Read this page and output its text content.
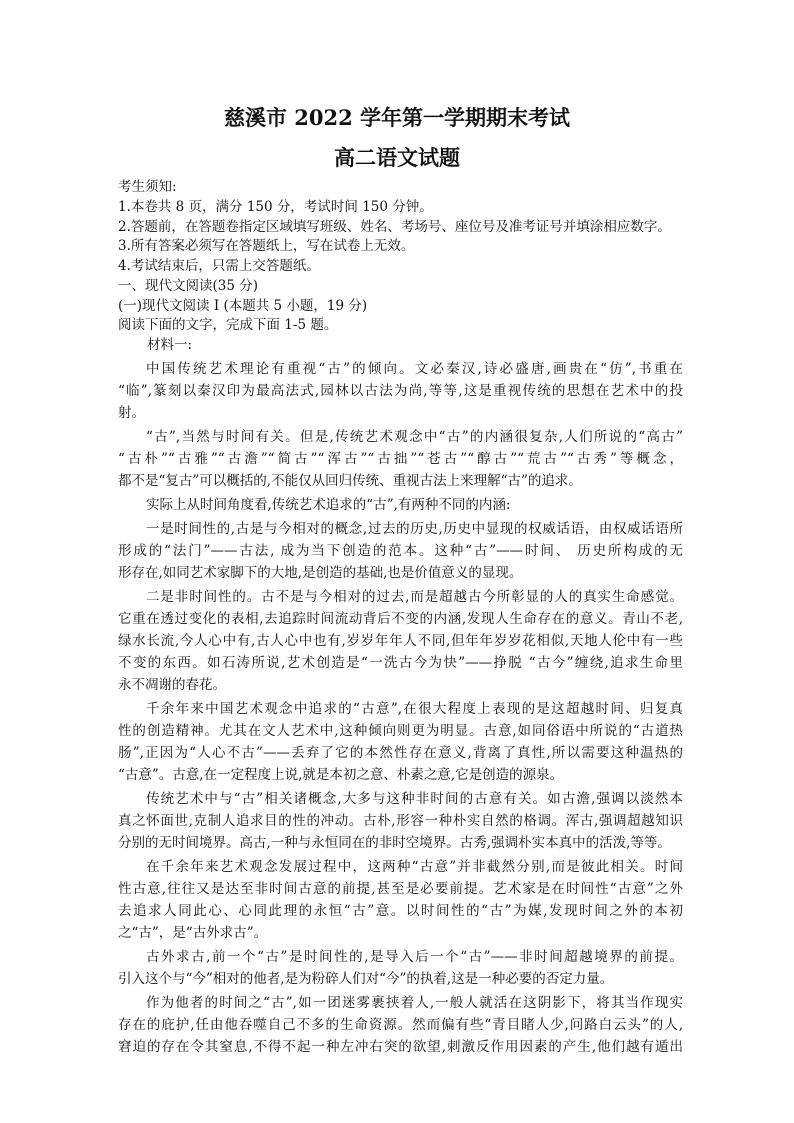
慈溪市 2022 学年第一学期期末考试
高二语文试题
考生须知:
1.本卷共 8 页，满分 150 分，考试时间 150 分钟。
2.答题前，在答题卷指定区域填写班级、姓名、考场号、座位号及准考证号并填涂相应数字。
3.所有答案必须写在答题纸上，写在试卷上无效。
4.考试结束后，只需上交答题纸。
一、现代文阅读(35 分)
(一)现代文阅读 I (本题共 5 小题，19 分)
阅读下面的文字，完成下面 1-5 题。
材料一:
中国传统艺术理论有重视“古”的倾向。文必秦汉,诗必盛唐,画贵在“仿”,书重在
“临”,篆刻以秦汉印为最高法式,园林以古法为尚,等等,这是重视传统的思想在艺术中的投
射。
“古”,当然与时间有关。但是,传统艺术观念中“古”的内涵很复杂,人们所说的“高古”
“古朴”“古雅”“古澹”“简古”“浑古”“古拙”“苍古”“醇古”“荒古”“古秀”等概念，
都不是“复古”可以概括的,不能仅从回归传统、重视古法上来理解“古”的追求。
实际上从时间角度看,传统艺术追求的“古”,有两种不同的内涵:
一是时间性的,古是与今相对的概念,过去的历史,历史中显现的权威话语，由权威话语所
形成的“法门”——古法, 成为当下创造的范本。这种“古”——时间、 历史所构成的无
形存在,如同艺术家脚下的大地,是创造的基础,也是价值意义的显现。
二是非时间性的。古不是与今相对的过去,而是超越古今所彰显的人的真实生命感觉。
它重在透过变化的表相,去追踪时间流动背后不变的内涵,发现人生命存在的意义。青山不老,
绿水长流,今人心中有,古人心中也有,岁岁年年人不同,但年年岁岁花相似,天地人伦中有一些
不变的东西。如石涛所说,艺术创造是“一洗古今为快”——挣脱 “古今”缠绕,追求生命里
永不凋谢的春花。
千余年来中国艺术观念中追求的“古意”,在很大程度上表现的是这超越时间、归复真
性的创造精神。尤其在文人艺术中,这种倾向则更为明显。古意,如同俗语中所说的“古道热
肠”,正因为“人心不古”——丢弃了它的本然性存在意义,背离了真性,所以需要这种温热的
“古意”。古意,在一定程度上说,就是本初之意、朴素之意,它是创造的源泉。
传统艺术中与“古”相关诸概念,大多与这种非时间的古意有关。如古澹,强调以淡然本
真之怀面世,克制人追求目的性的冲动。古朴,形容一种朴实自然的格调。浑古,强调超越知识
分别的无时间境界。高古,一种与永恒同在的非时空境界。古秀,强调朴实本真中的活泼,等等。
在千余年来艺术观念发展过程中，这两种“古意”并非截然分别,而是彼此相关。时间
性古意,往往又是达至非时间古意的前提,甚至是必要前提。艺术家是在时间性“古意”之外
去追求人同此心、心同此理的永恒“古”意。以时间性的“古”为媒,发现时间之外的本初
之“古”，是“古外求古”。
古外求古,前一个“古”是时间性的,是导入后一个“古”——非时间超越境界的前提。
引入这个与“今”相对的他者,是为粉碎人们对“今”的执着,这是一种必要的否定力量。
作为他者的时间之“古”,如一团迷雾裹挟着人,一般人就活在这阴影下，将其当作现实
存在的庇护,任由他吞噬自己不多的生命资源。然而偏有些“青目睹人少,问路白云头”的人,
窘迫的存在令其窒息,不得不起一种左冲右突的欲望,刺激反作用因素的产生,他们越有遁出
